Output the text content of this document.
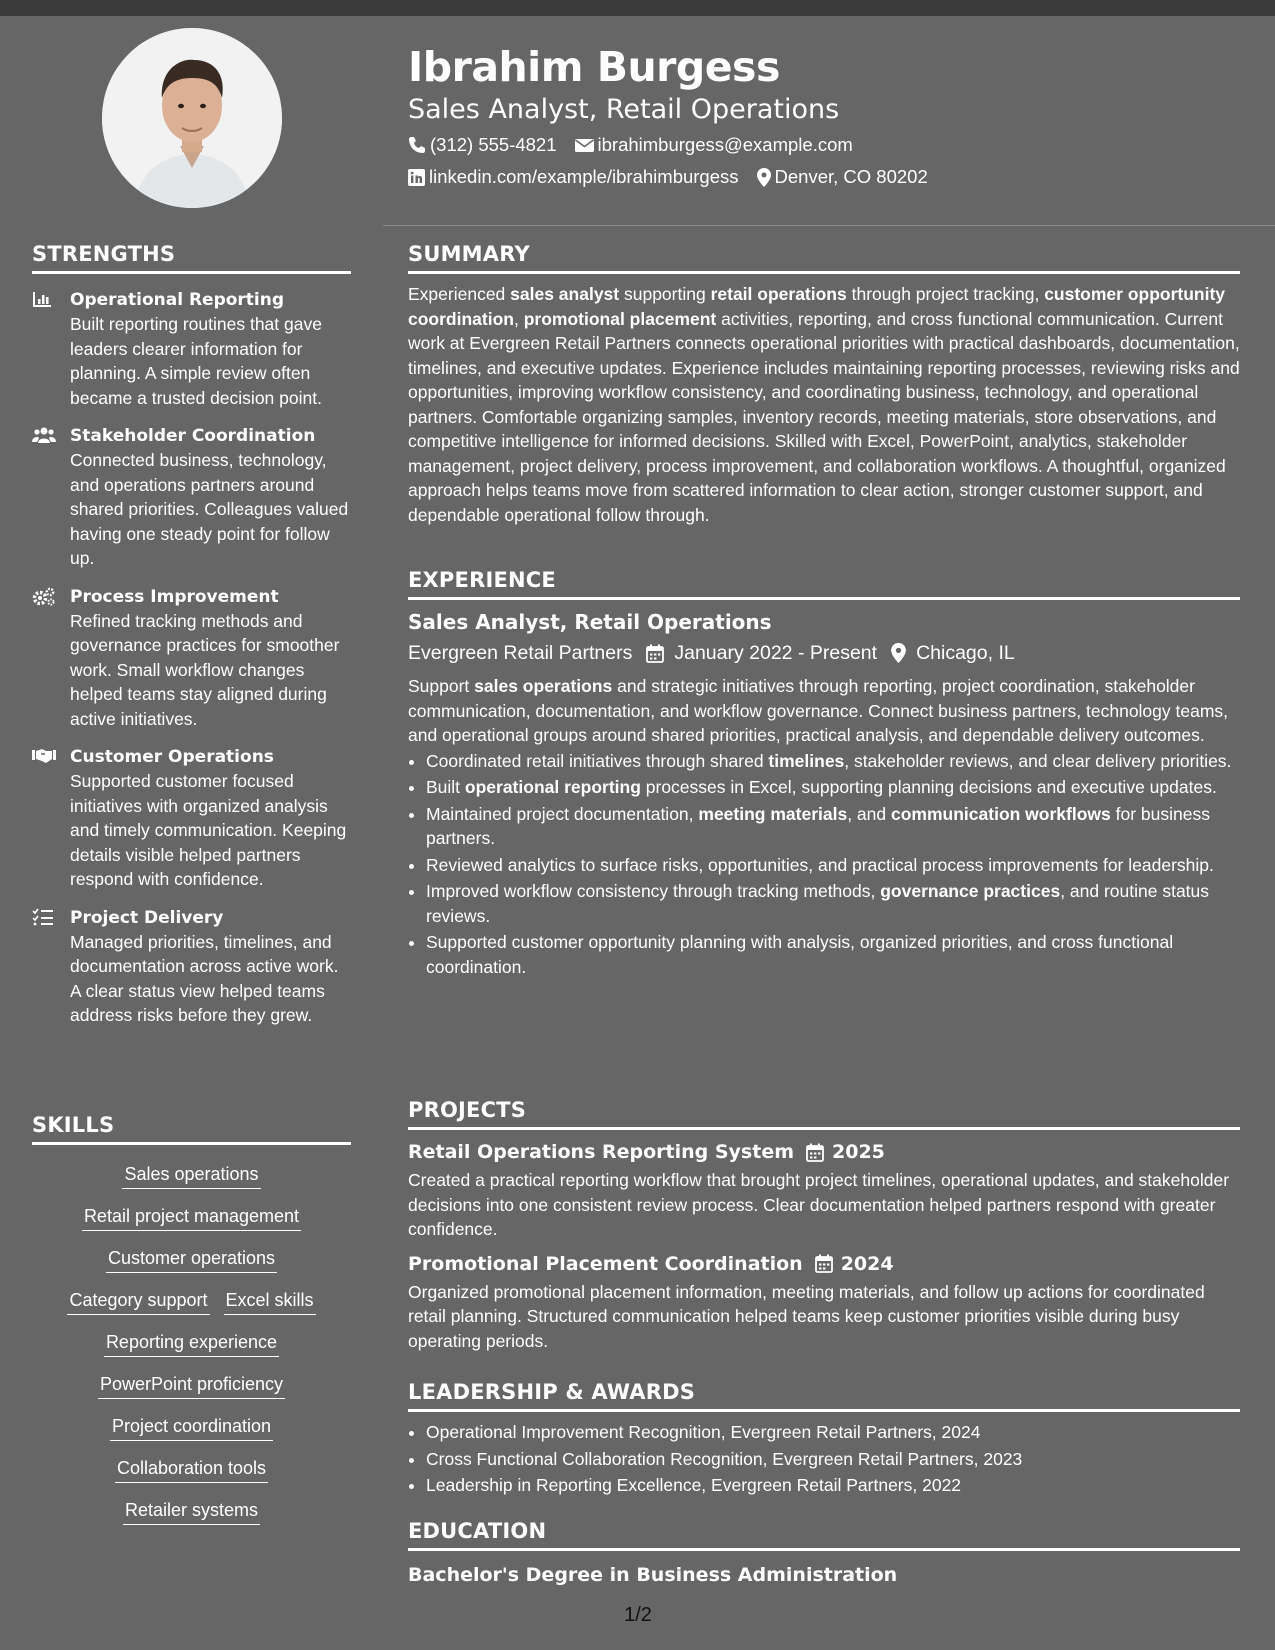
STRENGTHS
Operational Reporting
Built reporting routines that gave leaders clearer information for planning. A simple review often became a trusted decision point.
Stakeholder Coordination
Connected business, technology, and operations partners around shared priorities. Colleagues valued having one steady point for follow up.
Process Improvement
Refined tracking methods and governance practices for smoother work. Small workflow changes helped teams stay aligned during active initiatives.
Customer Operations
Supported customer focused initiatives with organized analysis and timely communication. Keeping details visible helped partners respond with confidence.
Project Delivery
Managed priorities, timelines, and documentation across active work. A clear status view helped teams address risks before they grew.
SKILLS
Sales operations
Retail project management
Customer operations
Category support Excel skills
Reporting experience
PowerPoint proficiency
Project coordination
Collaboration tools
Retailer systems
Ibrahim Burgess
Sales Analyst, Retail Operations
(312) 555-4821 ibrahimburgess@example.com
linkedin.com/example/ibrahimburgess Denver, CO 80202
SUMMARY

Experienced sales analyst supporting retail operations through project tracking, customer opportunity coordination, promotional placement activities, reporting, and cross functional communication. Current work at Evergreen Retail Partners connects operational priorities with practical dashboards, documentation, timelines, and executive updates. Experience includes maintaining reporting processes, reviewing risks and opportunities, improving workflow consistency, and coordinating business, technology, and operational partners. Comfortable organizing samples, inventory records, meeting materials, store observations, and competitive intelligence for informed decisions. Skilled with Excel, PowerPoint, analytics, stakeholder management, project delivery, process improvement, and collaboration workflows. A thoughtful, organized approach helps teams move from scattered information to clear action, stronger customer support, and dependable operational follow through.

EXPERIENCE
Sales Analyst, Retail Operations
Evergreen Retail Partners January 2022 - Present Chicago, IL

Support sales operations and strategic initiatives through reporting, project coordination, stakeholder communication, documentation, and workflow governance. Connect business partners, technology teams, and operational groups around shared priorities, practical analysis, and dependable delivery outcomes.

• Coordinated retail initiatives through shared timelines, stakeholder reviews, and clear delivery priorities.
• Built operational reporting processes in Excel, supporting planning decisions and executive updates.
• Maintained project documentation, meeting materials, and communication workflows for business partners.
• Reviewed analytics to surface risks, opportunities, and practical process improvements for leadership.
• Improved workflow consistency through tracking methods, governance practices, and routine status reviews.
• Supported customer opportunity planning with analysis, organized priorities, and cross functional coordination.
PROJECTS
Retail Operations Reporting System 2025

Created a practical reporting workflow that brought project timelines, operational updates, and stakeholder decisions into one consistent review process. Clear documentation helped partners respond with greater confidence.

Promotional Placement Coordination 2024

Organized promotional placement information, meeting materials, and follow up actions for coordinated retail planning. Structured communication helped teams keep customer priorities visible during busy operating periods.

LEADERSHIP & AWARDS
• Operational Improvement Recognition, Evergreen Retail Partners, 2024
• Cross Functional Collaboration Recognition, Evergreen Retail Partners, 2023
• Leadership in Reporting Excellence, Evergreen Retail Partners, 2022
EDUCATION
Bachelor's Degree in Business Administration
1/2
